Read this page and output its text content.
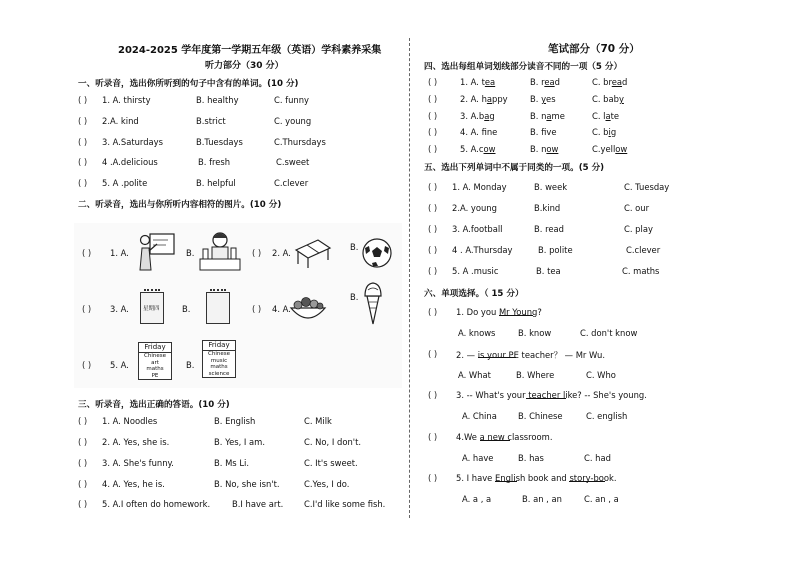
2024-2025 学年度第一学期五年级（英语）学科素养采集
听力部分（30 分）
一、听录音，选出你所听到的句子中含有的单词。(10 分)
( ) 1. A. thirsty	B. healthy	C. funny
( ) 2.A. kind	B.strict	C. young
( ) 3. A.Saturdays	B.Tuesdays	C.Thursdays
( ) 4 .A.delicious	B. fresh	C.sweet
( ) 5. A .polite	B. helpful	C.clever
二、听录音，选出与你所听内容相符的图片。(10 分)
( ) 1. A.	B.	( ) 2. A.
B.
( ) 3. A.	星期四	B.	( ) 4. A.
B.
( ) 5. A.
Friday
Chinese
art
maths
PE
B.
Friday
Chinese
music
maths
science
三、听录音，选出正确的答语。(10 分)
( ) 1. A. Noodles	B. English	C. Milk
( ) 2. A. Yes, she is.	B. Yes, I am.	C. No, I don't.
( ) 3. A. She's funny.	B. Ms Li.	C. It's sweet.
( ) 4. A. Yes, he is.	B. No, she isn't.	C.Yes, I do.
( ) 5. A.I often do homework.	B.I have art. C.I'd like some fish.
笔试部分（70 分）
四、选出每组单词划线部分读音不同的一项（5 分）
( )	1. A. tea	B. read	C. bread
( )	2. A. happy	B. yes	C. baby
( )	3. A.bag	B. name	C. late
( )	4. A. fne	B. fve	C. big
( )	5. A.cow	B. now	C.yellow
五、选出下列单词中不属于同类的一项。(5 分)
( ) 1. A. Monday	B. week	C. Tuesday
( ) 2.A. young	B.kind	C. our
( ) 3. A.football	B. read	C. play
( ) 4 . A.Thursday	B. polite	C.clever
( ) 5. A .music	B. tea	C. maths
六、单项选择。（ 15 分）
( ) 1. Do you Mr Young?
A. knows	B. know	C. don't know
( ) 2. — is your PE teacher？ — Mr Wu.
A. What	B. Where	C. Who
( ) 3. -- What's your teacher like? -- She's young.
A. China	B. Chinese	C. english
( ) 4.We a new classroom.
A. have	B. has	C. had
( ) 5. I have English book and story-book.
A. a , a	B. an , an	C. an , a
